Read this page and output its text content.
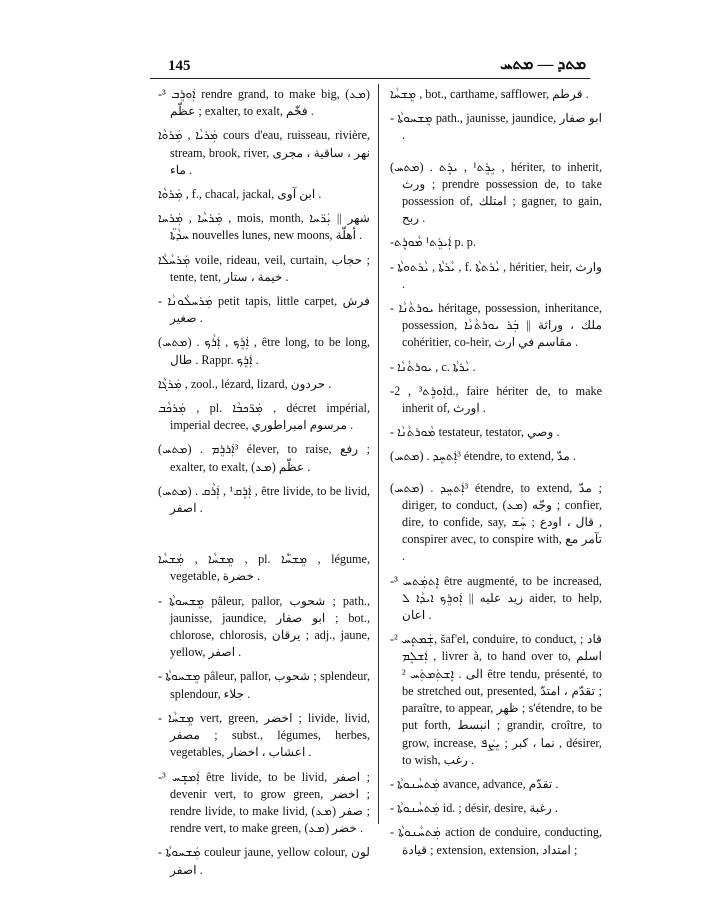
145	ܡܬܕ — ܡܬܚ

-ܐܲܘܪܸܒ ³ rendre grand, to make big, (ܡܥ) عظّم ; exalter, to exalt, فخّم .

ܡܲܪܝܵܐ , ܡܲܪܘܵܐ cours d'eau, ruisseau, rivière, stream, brook, river, نهر ، ساقية ، مجرى ماء .

ܡܲܪܘܵܐ , f., chacal, jackal, ابن آوى .

ܡܲܪܚܵܐ , ܡܲܪܚܐ , mois, month, شهر || ܝܲܪ̈ܚܐ ܚܕܵܬ̈ܐ nouvelles lunes, new moons, أهلّة .

ܡܲܪܚܵܠܵܐ voile, rideau, veil, curtain, حجاب ; tente, tent, خيمة ، ستار .

- ܡܲܪܚܠܵܘܢܵܐ petit tapis, little carpet, فرش صغير .

(ܡܬܚ) . ܐܲܪܸܟ , ܐܲܪܵܟ , être long, to be long, طال . Rappr. ܐܲܪܸܟ .

ܡܲܪܓܵܐ , zool., lézard, lizard, حردون .

ܡܲܪܟܵܒ , pl. ܡܲܪ̈ܟܒܵܐ , décret impérial, imperial decree, مرسوم امبراطوري .

(ܡܬܚ) . ³ܐܲܪܪܸܡ élever, to raise, رفع ; exalter, to exalt, (ܡܥ) عظّم .

(ܡܬܚ) . ܐܲܪܸܩ¹ , ܐܲܪܵܩ , être livide, to be livid, اصفر .

ܡܸܫܚܵܐ , ܡܲܫܚܵܐ , pl. ܡܸܫܚ̈ܵܐ , légume, vegetable, خضرة .

- ܡܸܫܚܘܬܵܐ pâleur, pallor, شحوب ; path., jaunisse, jaundice, ابو صفار ; bot., chlorose, chlorosis, يرقان ; adj., jaune, yellow, اصفر .

- ܡܸܫܚܘܬܵܐ pâleur, pallor, شحوب ; splendeur, splendour, جلاء .

- ܡܸܫܚܵܐ vert, green, اخضر ; livide, livid, مصفر ; subst., légumes, herbes, vegetables, اعشاب ، اخضار .

-ܐܲܡܫܸܚ ³ être livide, to be livid, اصفر ; devenir vert, to grow green, اخضر ; rendre livide, to make livid, (ܡܥ) صفر ; rendre vert, to make green, (ܡܥ) خضر .

- ܡܲܫܚܘܬܵܐ couleur jaune, yellow colour, لون اصفر .

ܡܸܫܚܵܐ , bot., carthame, safflower, قرطم .

- ܡܸܫܚܘܬܵܐ path., jaunisse, jaundice, ابو صفار .

(ܡܬܚ) . ܝܸܪܸܬ¹ , ܝܪܸܬ , hériter, to inherit, ورث ; prendre possession de, to take possession of, امتلك ; gagner, to gain, ربح .

-ܐܲܝܪܸܬ¹ ܡܵܘܪܸܬ p. p.

- ܝܵܪܬܵܐ , ܝܵܪܬܘܬܵܐ , f. ܝܵܪܬܬܵܐ , héritier, heir, وارث .

- ܝܘܪܬܵܢܵܐ héritage, possession, inheritance, possession, ملك ، وراثة || ܒܲܪ ܝܘܪܬܵܢܵܐ cohéritier, co-heir, مقاسم في ارث .

- ܝܘܪܬܵܢܵܐ , c. ܝܵܪܬܵܐ .

-ܐܲܘܪܸܬ³ , 2d., faire hériter de, to make inherit of, اورث .

- ܡܵܘܪܬܵܢܵܐ testateur, testator, وصي .

(ܡܬܚ) . ³ܐܲܬܚܸܕ étendre, to extend, مدّ .

(ܡܬܚ) . ³ܐܲܬܚܸܕ étendre, to extend, مدّ ; diriger, to conduct, (ܡܥ) وجّه ; confier, dire, to confide, say, قال ، اودع ; ܚܲܫ , conspirer avec, to conspire with, تآمر مع .

-ܐܸܬܡܲܬܚ ³ être augmenté, to be increased, زيد عليه || ܐܲܘܪܸܟ ܐܝܕܵܐ ܠ aider, to help, اعان .

-ܫܲܡܬܸܚ ², šaf'el, conduire, to conduct, قاد ; ܐܲܫܠܸܡ , livrer à, to hand over to, اسلم الى . ܐܸܫܬܲܡܬܲܚ ² être tendu, présenté, to be stretched out, presented, تقدّم ، امتدّ ; paraître, to appear, ظهر ; s'étendre, to be put forth, انبسط ; grandir, croître, to grow, increase, نما ، كبر ; ܝܸܨܲܦ , désirer, to wish, رغب .

- ܡܲܬܚܵܢܘܬܵܐ avance, advance, تقدّم .

- ܡܲܬܚܵܢܘܬܵܐ id. ; désir, desire, رغبة .

- ܡܲܬܚܵܢܘܬܵܐ action de conduire, conducting, قيادة ; extension, extension, امتداد ;
